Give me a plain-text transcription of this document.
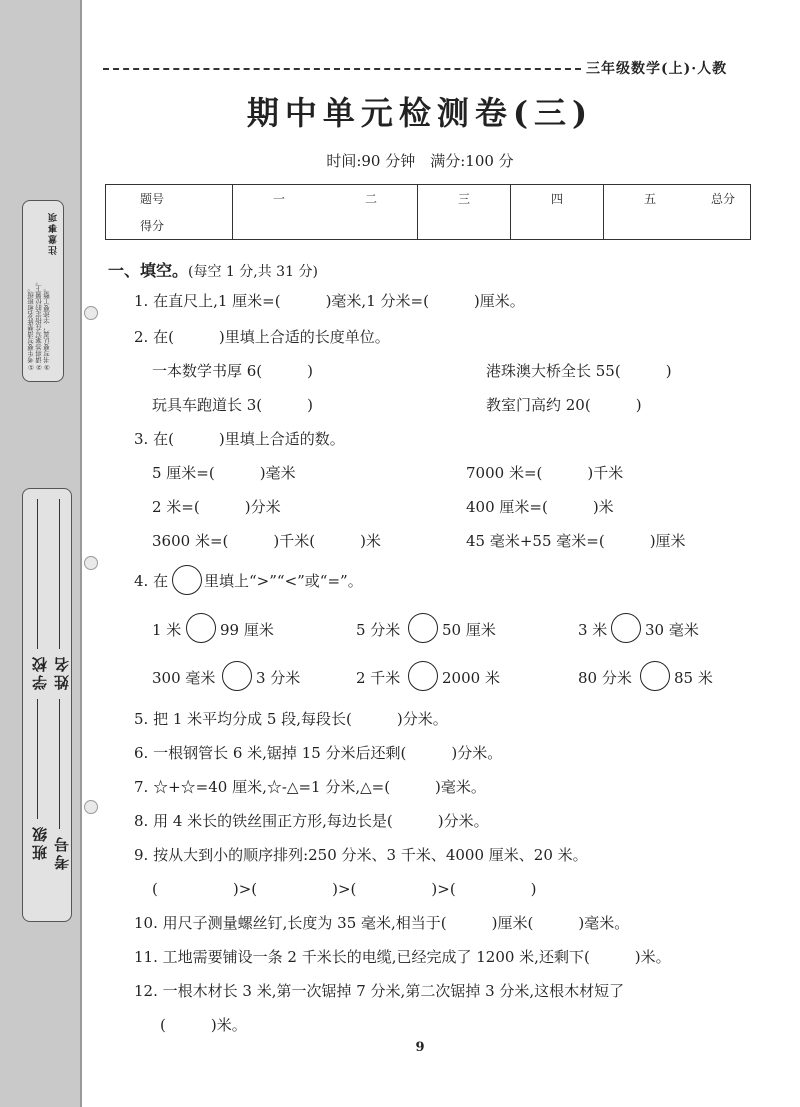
注意事项
①考生要写清楚姓名和班级。 ②请将答案写在指定的位置上。 ③书写要认真，字迹要工整。
学校 姓名
班级 考号
三年级数学(上)·人教
期中单元检测卷(三)
时间:90 分钟　满分:100 分
题号	一	二	三	四	五	总分
得分						
一、填空。(每空 1 分,共 31 分)
1. 在直尺上,1 厘米=(　　　)毫米,1 分米=(　　　)厘米。
2. 在(　　　)里填上合适的长度单位。
一本数学书厚 6(　　　)	港珠澳大桥全长 55(　　　)
玩具车跑道长 3(　　　)	教室门高约 20(　　　)
3. 在(　　　)里填上合适的数。
5 厘米=(　　　)毫米	7000 米=(　　　)千米
2 米=(　　　)分米	400 厘米=(　　　)米
3600 米=(　　　)千米(　　　)米	45 毫米+55 毫米=(　　　)厘米
4. 在 里填上“>”“<”或“=”。
1 米	99 厘米	5 分米	50 厘米	3 米	30 毫米
300 毫米	3 分米	2 千米	2000 米	80 分米	85 米
5. 把 1 米平均分成 5 段,每段长(　　　)分米。
6. 一根钢管长 6 米,锯掉 15 分米后还剩(　　　)分米。
7. ☆+☆=40 厘米,☆-△=1 分米,△=(　　　)毫米。
8. 用 4 米长的铁丝围正方形,每边长是(　　　)分米。
9. 按从大到小的顺序排列:250 分米、3 千米、4000 厘米、20 米。
(　　　　　)>(　　　　　)>(　　　　　)>(　　　　　)
10. 用尺子测量螺丝钉,长度为 35 毫米,相当于(　　　)厘米(　　　)毫米。
11. 工地需要铺设一条 2 千米长的电缆,已经完成了 1200 米,还剩下(　　　)米。
12. 一根木材长 3 米,第一次锯掉 7 分米,第二次锯掉 3 分米,这根木材短了
(　　　)米。
9
